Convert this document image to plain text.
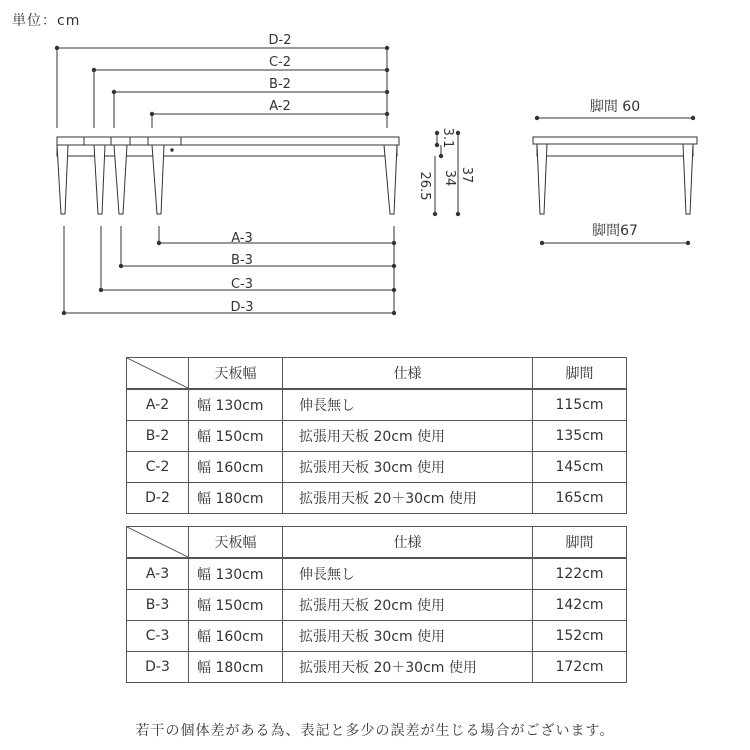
単位：cm
D-2
C-2
B-2
A-2
A-3
B-3
C-3
D-3
脚間 60
脚間67
3.1
34
26.5 37
	天板幅	仕様	脚間
A-2	幅 130cm	伸長無し	115cm
B-2	幅 150cm	拡張用天板 20cm 使用	135cm
C-2	幅 160cm	拡張用天板 30cm 使用	145cm
D-2	幅 180cm	拡張用天板 20＋30cm 使用	165cm
	天板幅	仕様	脚間
A-3	幅 130cm	伸長無し	122cm
B-3	幅 150cm	拡張用天板 20cm 使用	142cm
C-3	幅 160cm	拡張用天板 30cm 使用	152cm
D-3	幅 180cm	拡張用天板 20＋30cm 使用	172cm
若干の個体差がある為、表記と多少の誤差が生じる場合がございます。
